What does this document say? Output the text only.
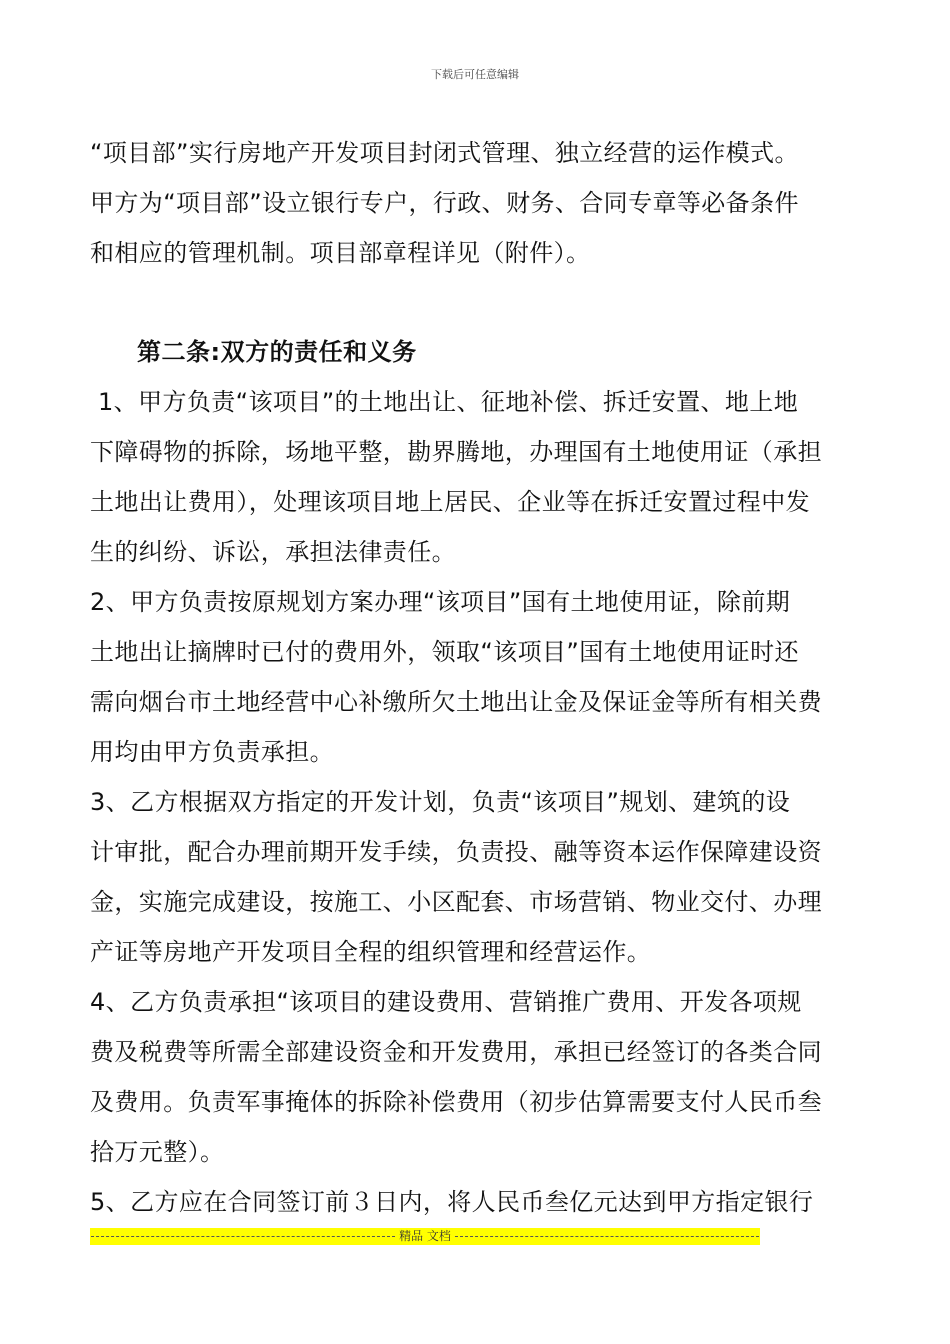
下载后可任意编辑
“项目部”实行房地产开发项目封闭式管理、独立经营的运作模式。
甲方为“项目部”设立银行专户，行政、财务、合同专章等必备条件
和相应的管理机制。项目部章程详见（附件）。
第二条:双方的责任和义务
1、甲方负责“该项目”的土地出让、征地补偿、拆迁安置、地上地
下障碍物的拆除，场地平整，勘界腾地，办理国有土地使用证（承担
土地出让费用），处理该项目地上居民、企业等在拆迁安置过程中发
生的纠纷、诉讼，承担法律责任。
2、甲方负责按原规划方案办理“该项目”国有土地使用证，除前期
土地出让摘牌时已付的费用外，领取“该项目”国有土地使用证时还
需向烟台市土地经营中心补缴所欠土地出让金及保证金等所有相关费
用均由甲方负责承担。
3、乙方根据双方指定的开发计划，负责“该项目”规划、建筑的设
计审批，配合办理前期开发手续，负责投、融等资本运作保障建设资
金，实施完成建设，按施工、小区配套、市场营销、物业交付、办理
产证等房地产开发项目全程的组织管理和经营运作。
4、乙方负责承担“该项目的建设费用、营销推广费用、开发各项规
费及税费等所需全部建设资金和开发费用，承担已经签订的各类合同
及费用。负责军事掩体的拆除补偿费用（初步估算需要支付人民币叁
拾万元整）。
5、乙方应在合同签订前３日内，将人民币叁亿元达到甲方指定银行
精品 文档
